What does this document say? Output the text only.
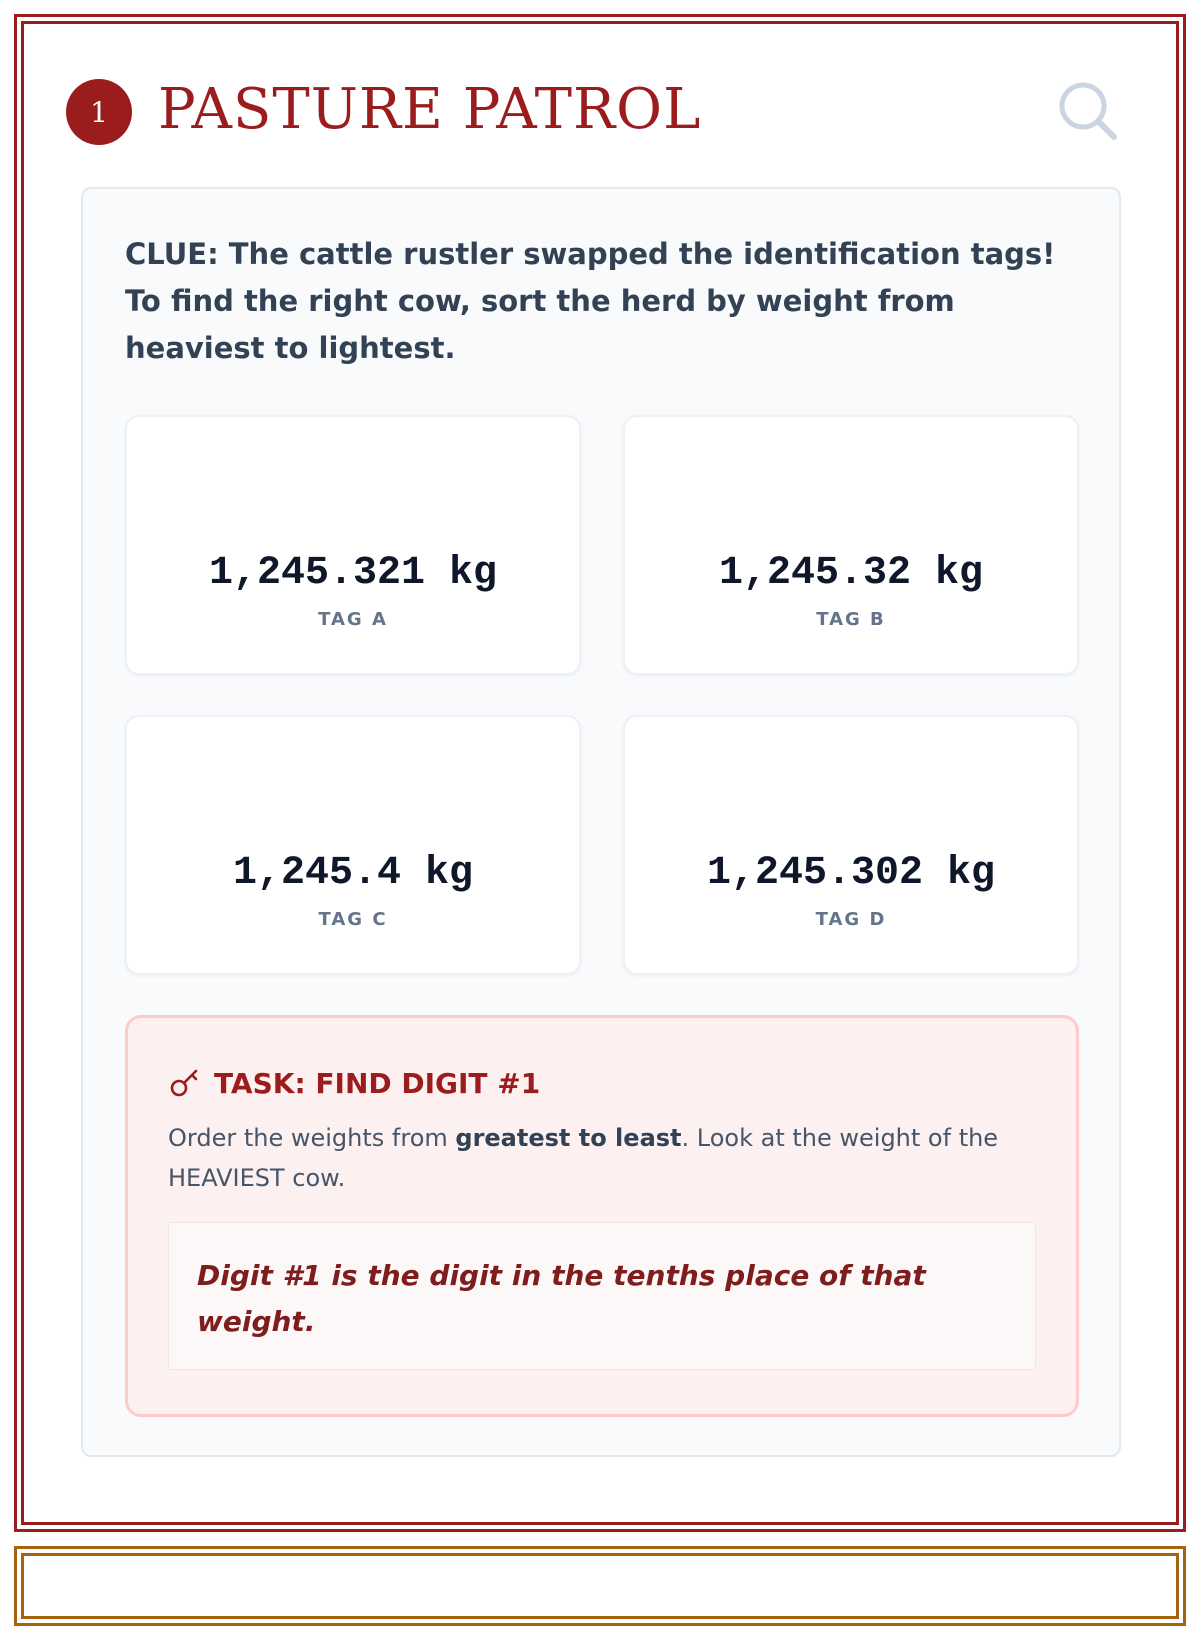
1 PASTURE PATROL
CLUE: The cattle rustler swapped the identification tags! To find the right cow, sort the herd by weight from heaviest to lightest.
1,245.321 kg
TAG A
1,245.32 kg
TAG B
1,245.4 kg
TAG C
1,245.302 kg
TAG D
TASK: FIND DIGIT #1
Order the weights from greatest to least. Look at the weight of the HEAVIEST cow.
Digit #1 is the digit in the tenths place of that weight.
